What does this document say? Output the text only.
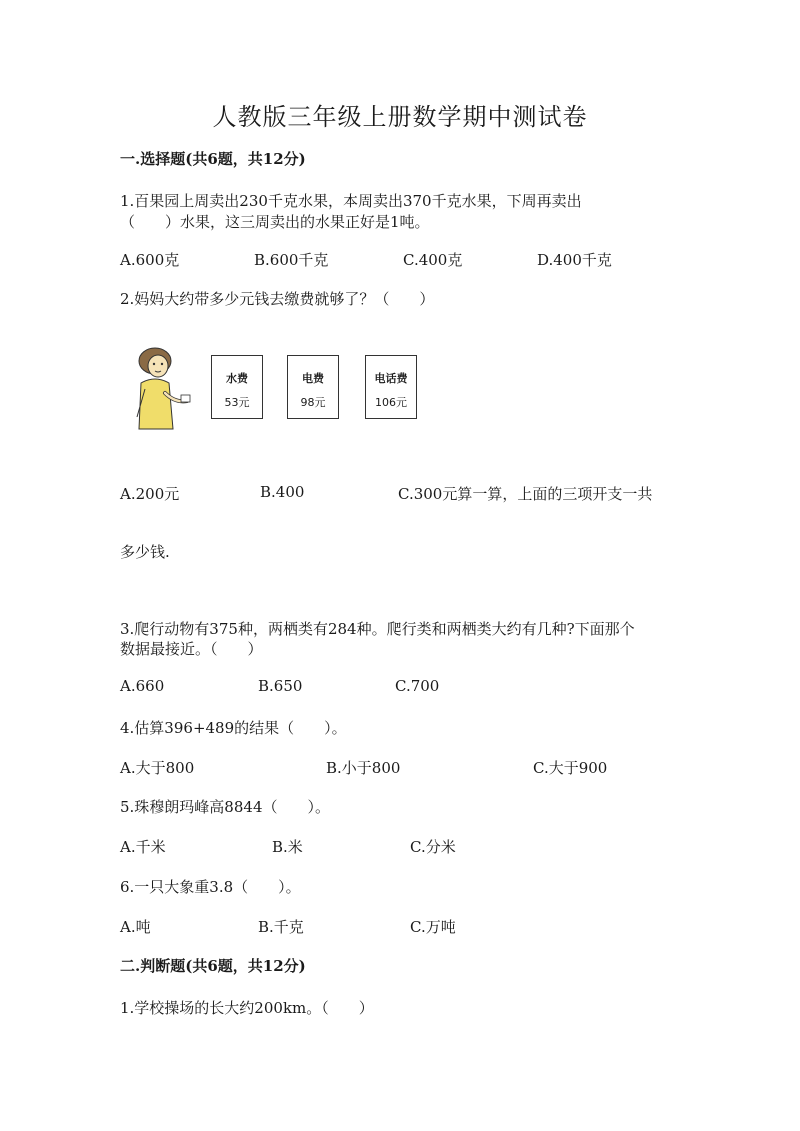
人教版三年级上册数学期中测试卷
一.选择题(共6题，共12分)
1.百果园上周卖出230千克水果，本周卖出370千克水果，下周再卖出
（　　）水果，这三周卖出的水果正好是1吨。
A.600克	B.600千克	C.400克	D.400千克
2.妈妈大约带多少元钱去缴费就够了？（　　）
水费
53元
电费
98元
电话费
106元
A.200元	B.400	C.300元算一算，上面的三项开支一共
多少钱.
3.爬行动物有375种，两栖类有284种。爬行类和两栖类大约有几种?下面那个
数据最接近。（　　）
A.660	B.650	C.700
4.估算396+489的结果（　　）。
A.大于800	B.小于800	C.大于900
5.珠穆朗玛峰高8844（　　）。
A.千米	B.米	C.分米
6.一只大象重3.8（　　）。
A.吨	B.千克	C.万吨
二.判断题(共6题，共12分)
1.学校操场的长大约200km。（　　）
